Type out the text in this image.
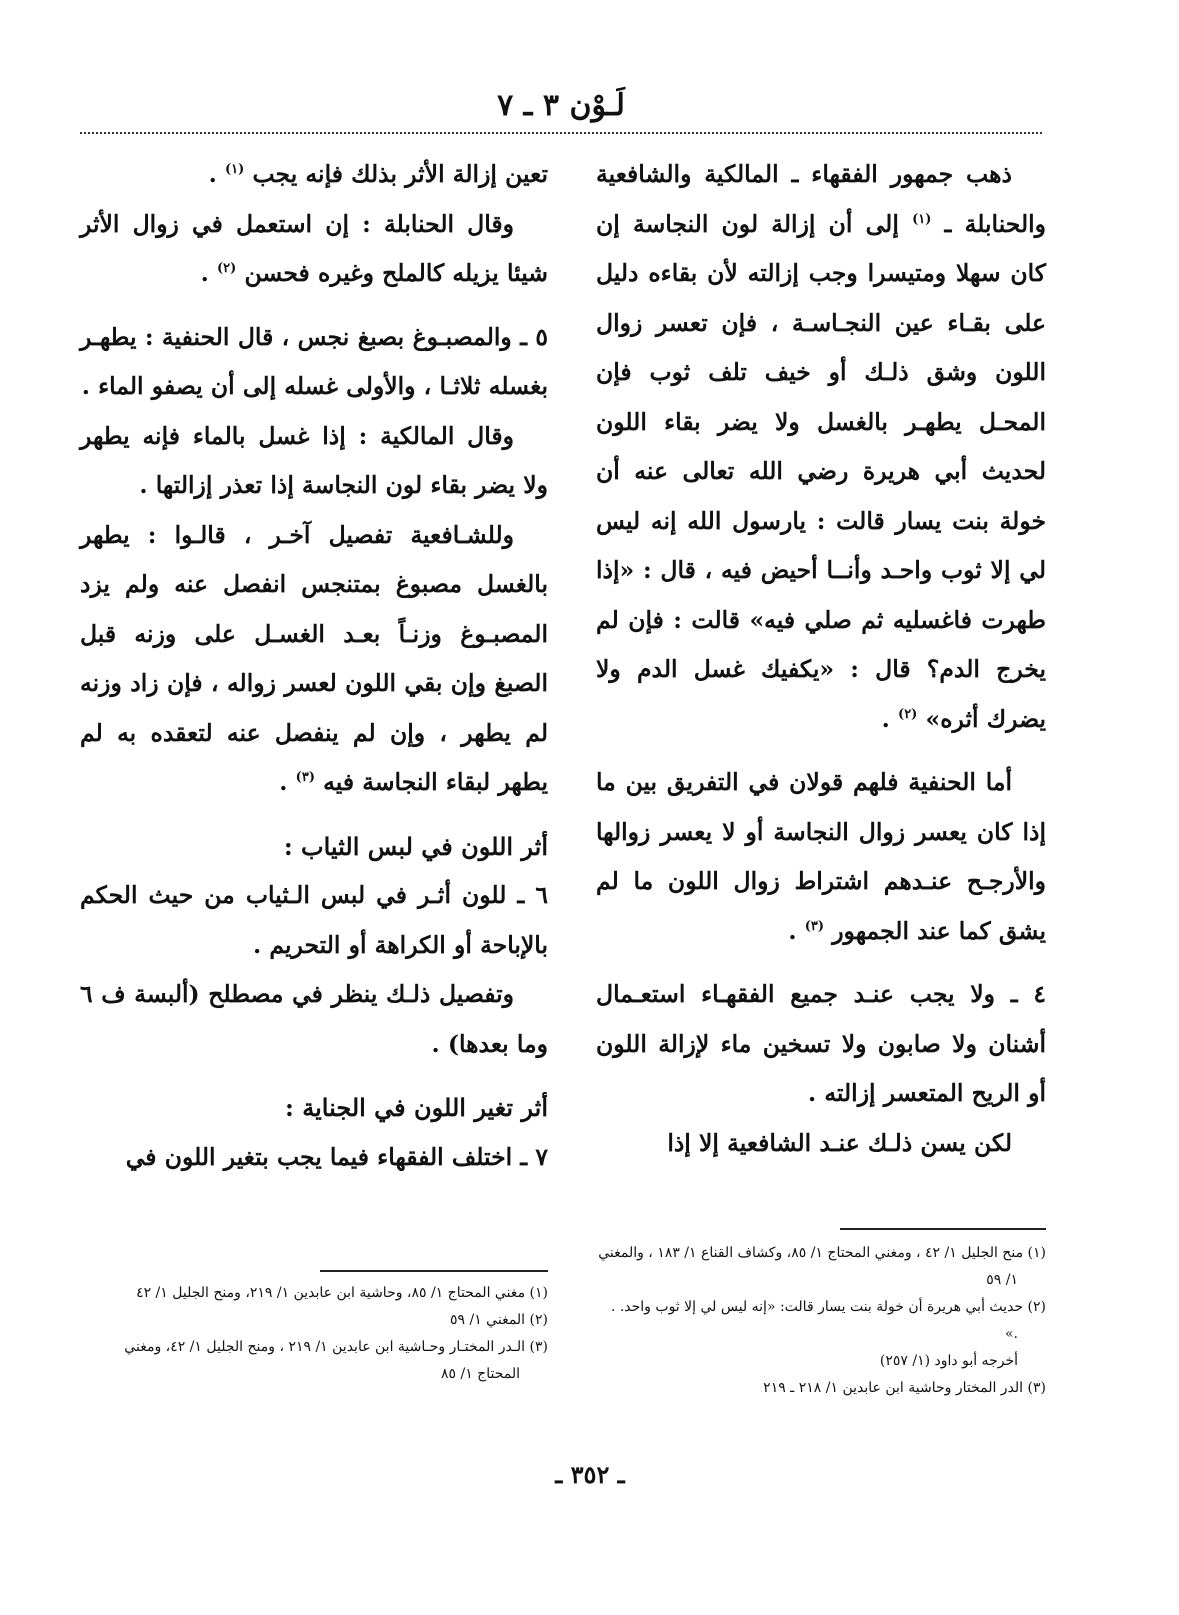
لَـوْن ٣ ـ ٧

ذهب جمهور الفقهاء ـ المالكية والشافعية والحنابلة ـ $^{(١)}$ إلى أن إزالة لون النجاسة إن كان سهلا ومتيسرا وجب إزالته لأن بقاءه دليل على بقـاء عين النجـاسـة ، فإن تعسر زوال اللون وشق ذلـك أو خيف تلف ثوب فإن المحـل يطهـر بالغسل ولا يضر بقاء اللون لحديث أبي هريرة رضي الله تعالى عنه أن خولة بنت يسار قالت : يارسول الله إنه ليس لي إلا ثوب واحـد وأنــا أحيض فيه ، قال : «إذا طهرت فاغسليه ثم صلي فيه» قالت : فإن لم يخرج الدم؟ قال : «يكفيك غسل الدم ولا يضرك أثره» $^{(٢)}$ .

أما الحنفية فلهم قولان في التفريق بين ما إذا كان يعسر زوال النجاسة أو لا يعسر زوالها والأرجـح عنـدهم اشتراط زوال اللون ما لم يشق كما عند الجمهور $^{(٣)}$ .

٤ ـ ولا يجب عنـد جميع الفقهـاء استعـمال أشنان ولا صابون ولا تسخين ماء لإزالة اللون أو الريح المتعسر إزالته .

لكن يسن ذلـك عنـد الشافعية إلا إذا

تعين إزالة الأثر بذلك فإنه يجب $^{(١)}$ .

وقال الحنابلة : إن استعمل في زوال الأثر شيئا يزيله كالملح وغيره فحسن $^{(٢)}$ .

٥ ـ والمصبـوغ بصبغ نجس ، قال الحنفية : يطهـر بغسله ثلاثـا ، والأولى غسله إلى أن يصفو الماء .

وقال المالكية : إذا غسل بالماء فإنه يطهر ولا يضر بقاء لون النجاسة إذا تعذر إزالتها .

وللشـافعية تفصيل آخـر ، قالـوا : يطهر بالغسل مصبوغ بمتنجس انفصل عنه ولم يزد المصبـوغ وزنـاً بعـد الغسـل على وزنه قبل الصبغ وإن بقي اللون لعسر زواله ، فإن زاد وزنه لم يطهر ، وإن لم ينفصل عنه لتعقده به لم يطهر لبقاء النجاسة فيه $^{(٣)}$ .

أثر اللون في لبس الثياب :

٦ ـ للون أثـر في لبس الـثياب من حيث الحكم بالإباحة أو الكراهة أو التحريم .

وتفصيل ذلـك ينظر في مصطلح (ألبسة ف ٦ وما بعدها) .

أثر تغير اللون في الجناية :

٧ ـ اختلف الفقهاء فيما يجب بتغير اللون في

(١) منح الجليل ١/ ٤٢ ، ومغني المحتاج ١/ ٨٥، وكشاف القناع ١/ ١٨٣ ، والمغني ١/ ٥٩

(٢) حديث أبي هريرة أن خولة بنت يسار قالت: «إنه ليس لي إلا ثوب واحد. . .»

أخرجه أبو داود (١/ ٢٥٧)

(٣) الدر المختار وحاشية ابن عابدين ١/ ٢١٨ ـ ٢١٩

(١) مغني المحتاج ١/ ٨٥، وحاشية ابن عابدين ١/ ٢١٩، ومنح الجليل ١/ ٤٢

(٢) المغني ١/ ٥٩

(٣) الـدر المختـار وحـاشية ابن عابدين ١/ ٢١٩ ، ومنح الجليل ١/ ٤٢، ومغني المحتاج ١/ ٨٥

ـ ٣٥٢ ـ
